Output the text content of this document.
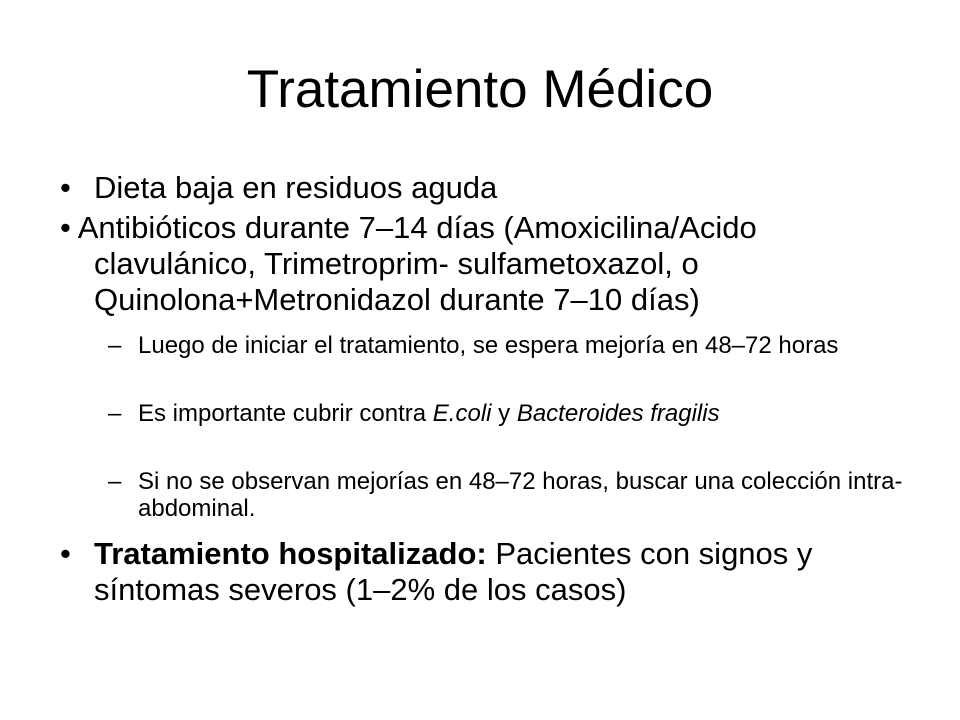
Tratamiento Médico
• Dieta baja en residuos aguda
• Antibióticos durante 7–14 días (Amoxicilina/Acido
clavulánico, Trimetroprim- sulfametoxazol, o
Quinolona+Metronidazol durante 7–10 días)
– Luego de iniciar el tratamiento, se espera mejoría en 48–72 horas
– Es importante cubrir contra E.coli y Bacteroides fragilis
– Si no se observan mejorías en 48–72 horas, buscar una colección intra-abdominal.
• Tratamiento hospitalizado: Pacientes con signos y síntomas severos (1–2% de los casos)
